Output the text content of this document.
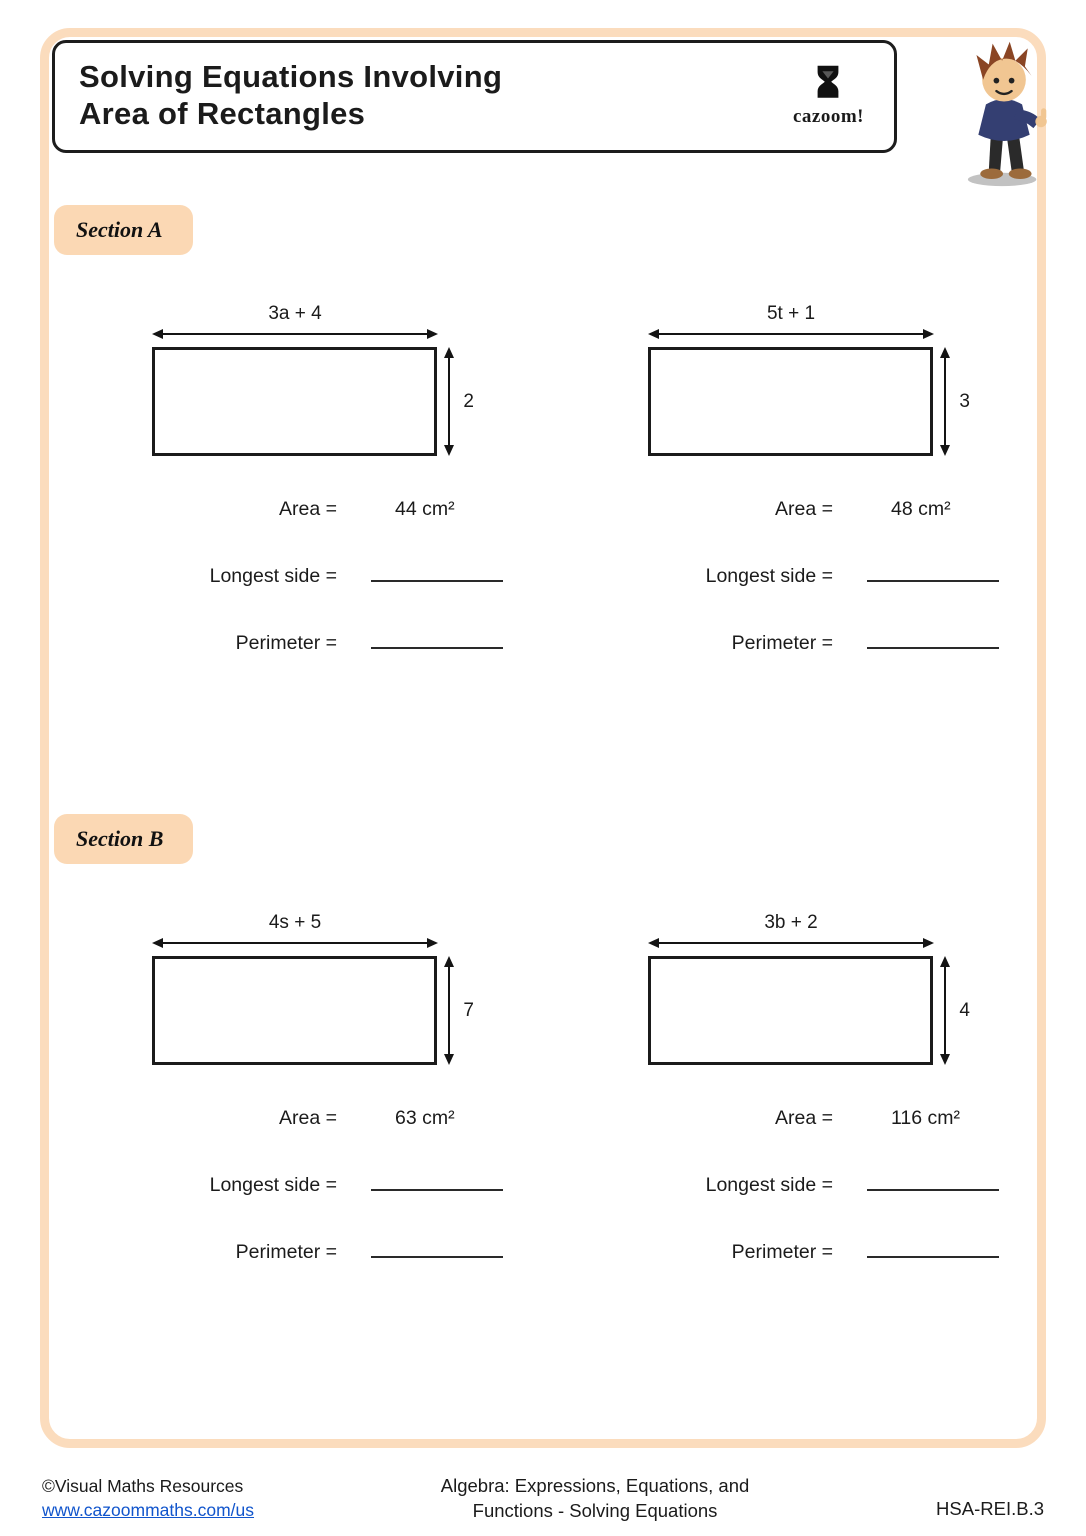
Solving Equations Involving
Area of Rectangles	cazoom!
Section A
3a + 4
2
Area =	44 cm²
Longest side =
Perimeter =
5t + 1
3
Area =	48 cm²
Longest side =
Perimeter =
Section B
4s + 5
7
Area =	63 cm²
Longest side =
Perimeter =
3b + 2
4
Area =	116 cm²
Longest side =
Perimeter =
©Visual Maths Resources
www.cazoommaths.com/us
Algebra: Expressions, Equations, and
Functions - Solving Equations	HSA-REI.B.3
